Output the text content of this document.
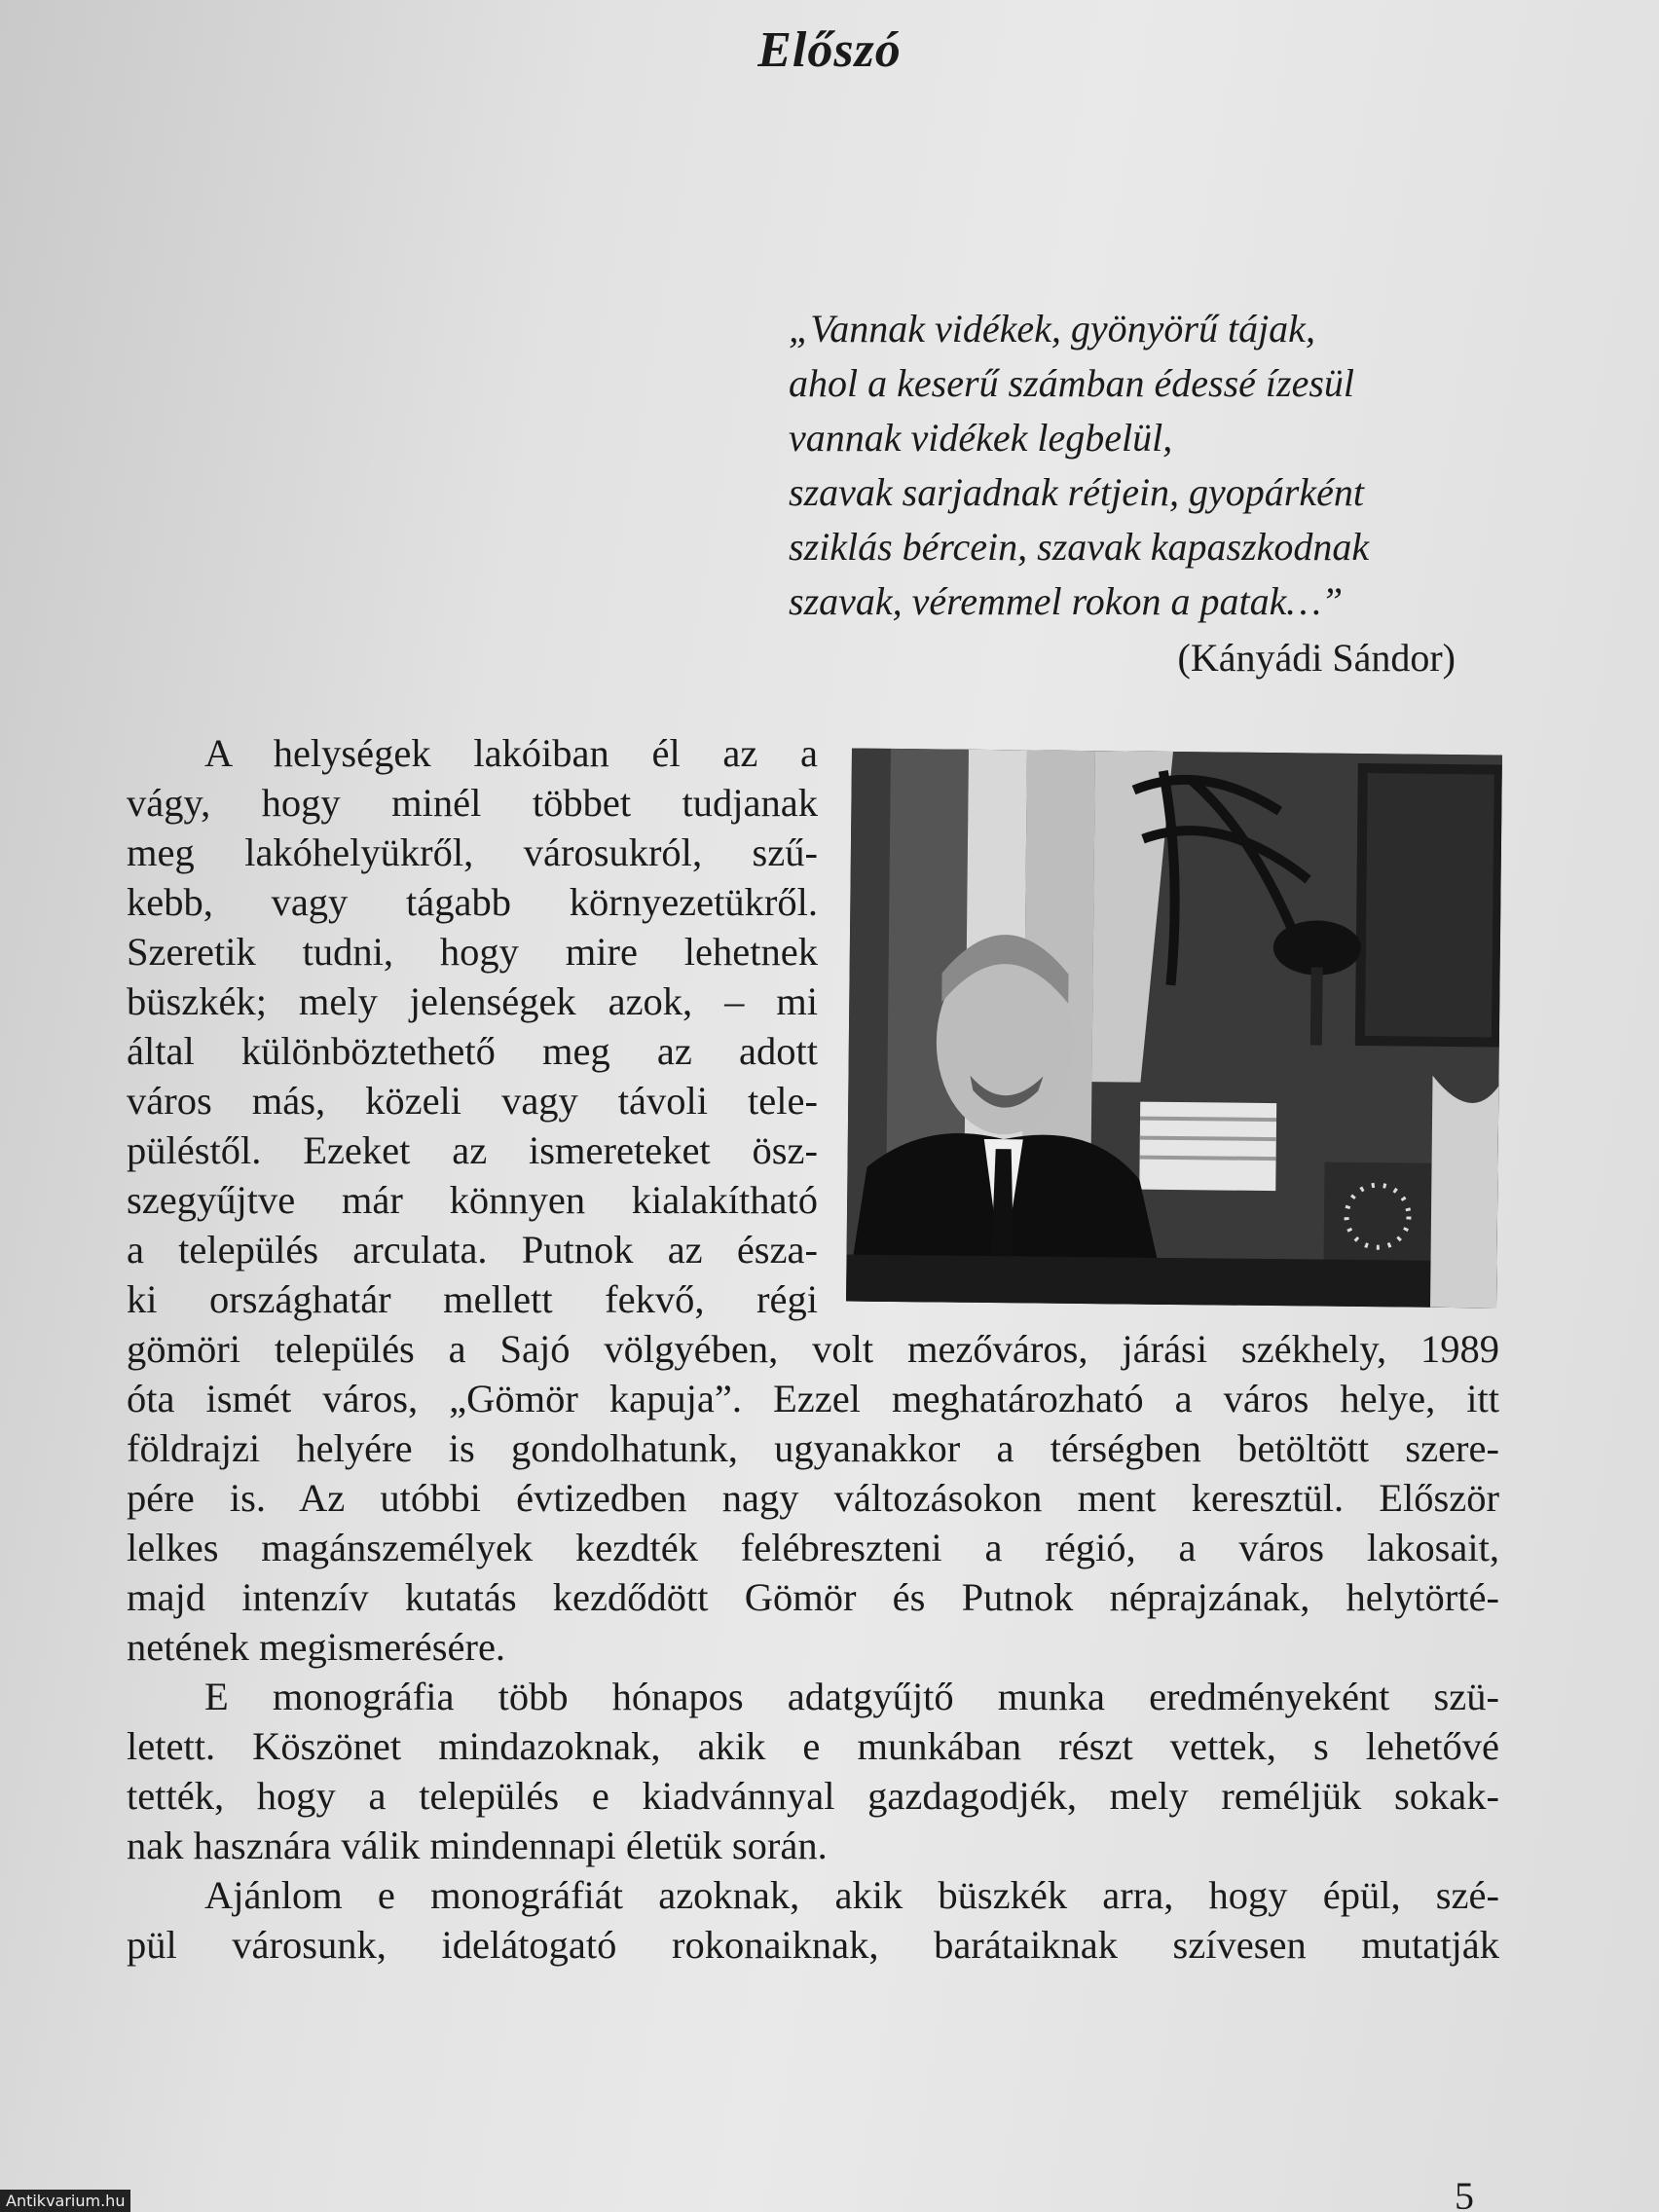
Előszó
„Vannak vidékek, gyönyörű tájak,
ahol a keserű számban édessé ízesül
vannak vidékek legbelül,
szavak sarjadnak rétjein, gyopárként
sziklás bércein, szavak kapaszkodnak
szavak, véremmel rokon a patak…”
(Kányádi Sándor)
A helységek lakóiban él az a
vágy, hogy minél többet tudjanak
meg lakóhelyükről, városukról, szű-
kebb, vagy tágabb környezetükről.
Szeretik tudni, hogy mire lehetnek
büszkék; mely jelenségek azok, – mi
által különböztethető meg az adott
város más, közeli vagy távoli tele-
püléstől. Ezeket az ismereteket ösz-
szegyűjtve már könnyen kialakítható
a település arculata. Putnok az észa-
ki országhatár mellett fekvő, régi
gömöri település a Sajó völgyében, volt mezőváros, járási székhely, 1989
óta ismét város, „Gömör kapuja”. Ezzel meghatározható a város helye, itt
földrajzi helyére is gondolhatunk, ugyanakkor a térségben betöltött szere-
pére is. Az utóbbi évtizedben nagy változásokon ment keresztül. Először
lelkes magánszemélyek kezdték felébreszteni a régió, a város lakosait,
majd intenzív kutatás kezdődött Gömör és Putnok néprajzának, helytörté-
netének megismerésére.
E monográfia több hónapos adatgyűjtő munka eredményeként szü-
letett. Köszönet mindazoknak, akik e munkában részt vettek, s lehetővé
tették, hogy a település e kiadvánnyal gazdagodjék, mely reméljük sokak-
nak hasznára válik mindennapi életük során.
Ajánlom e monográfiát azoknak, akik büszkék arra, hogy épül, szé-
pül városunk, idelátogató rokonaiknak, barátaiknak szívesen mutatják
5
Antikvarium.hu
